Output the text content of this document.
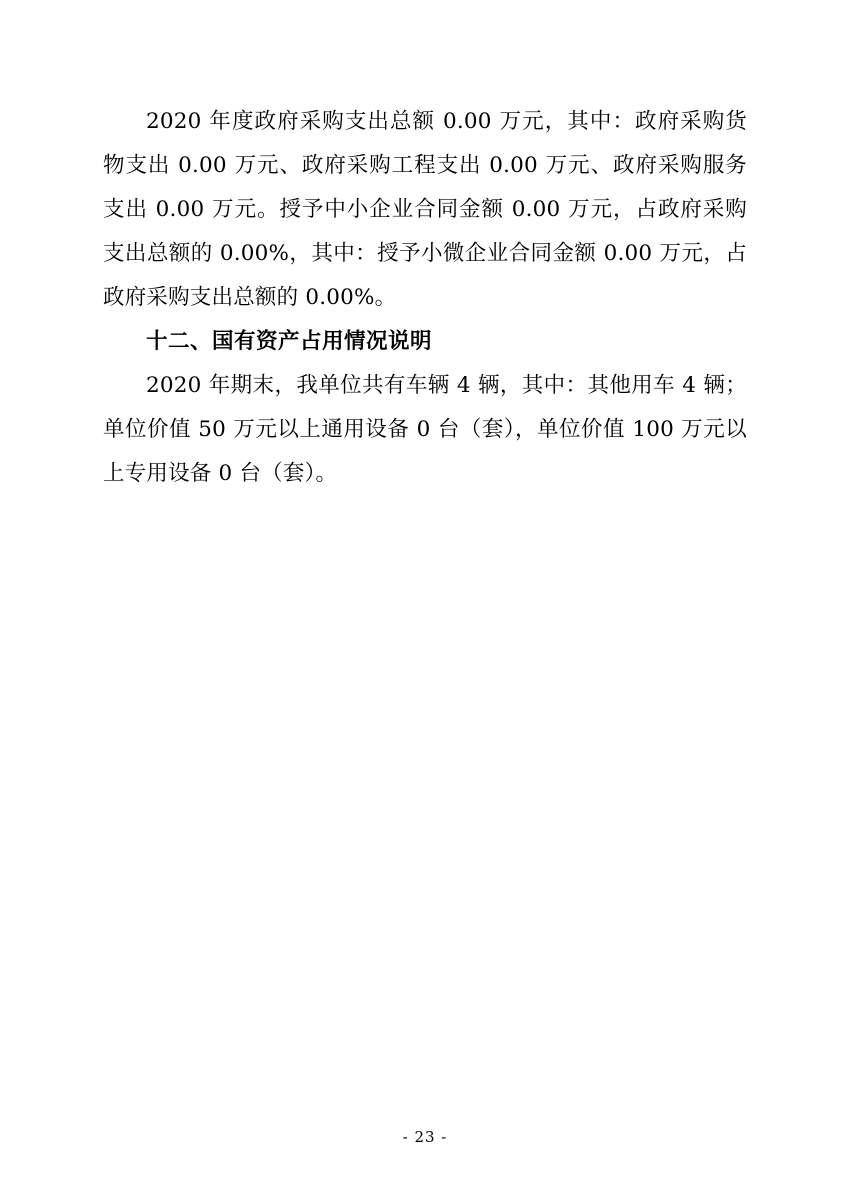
2020 年度政府采购支出总额 0.00 万元，其中：政府采购货物支出 0.00 万元、政府采购工程支出 0.00 万元、政府采购服务支出 0.00 万元。授予中小企业合同金额 0.00 万元，占政府采购支出总额的 0.00%，其中：授予小微企业合同金额 0.00 万元，占政府采购支出总额的 0.00%。

十二、国有资产占用情况说明

2020 年期末，我单位共有车辆 4 辆，其中：其他用车 4 辆；单位价值 50 万元以上通用设备 0 台（套），单位价值 100 万元以上专用设备 0 台（套）。

- 23 -
